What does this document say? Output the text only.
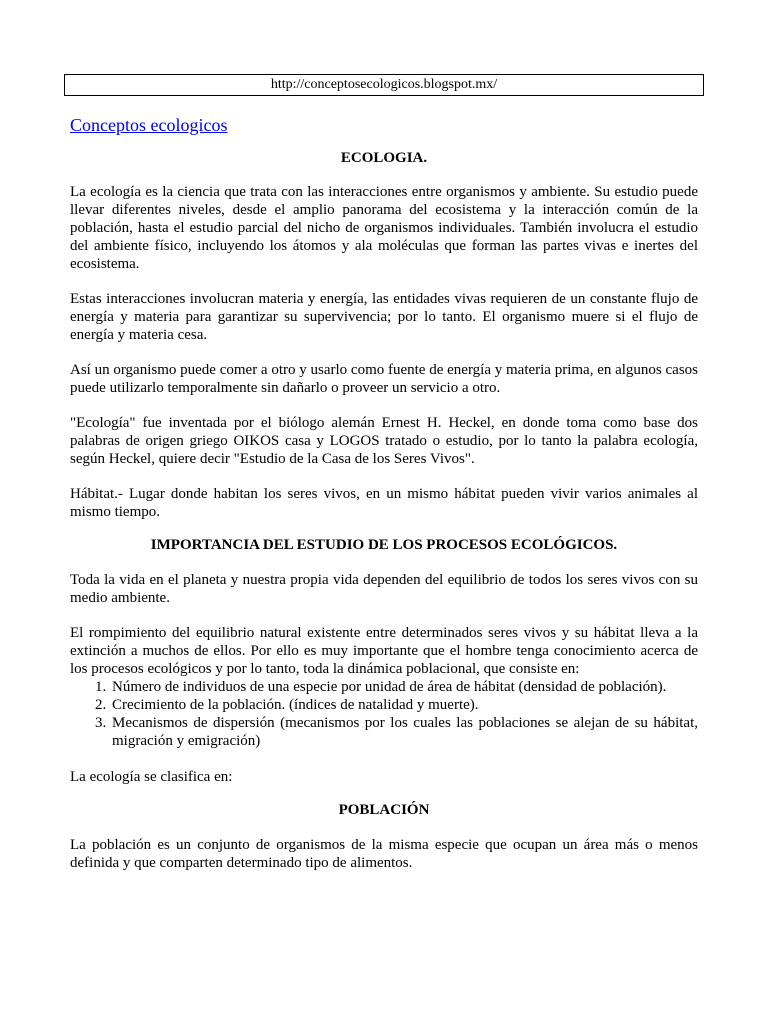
http://conceptosecologicos.blogspot.mx/
Conceptos ecologicos
ECOLOGIA.

La ecología es la ciencia que trata con las interacciones entre organismos y ambiente. Su estudio puede llevar diferentes niveles, desde el amplio panorama del ecosistema y la interacción común de la población, hasta el estudio parcial del nicho de organismos individuales. También involucra el estudio del ambiente físico, incluyendo los átomos y ala moléculas que forman las partes vivas e inertes del ecosistema.

Estas interacciones involucran materia y energía, las entidades vivas requieren de un constante flujo de energía y materia para garantizar su supervivencia; por lo tanto. El organismo muere si el flujo de energía y materia cesa.

Así un organismo puede comer a otro y usarlo como fuente de energía y materia prima, en algunos casos puede utilizarlo temporalmente sin dañarlo o proveer un servicio a otro.

"Ecología" fue inventada por el biólogo alemán Ernest H. Heckel, en donde toma como base dos palabras de origen griego OIKOS casa y LOGOS tratado o estudio, por lo tanto la palabra ecología, según Heckel, quiere decir "Estudio de la Casa de los Seres Vivos".

Hábitat.- Lugar donde habitan los seres vivos, en un mismo hábitat pueden vivir varios animales al mismo tiempo.

IMPORTANCIA DEL ESTUDIO DE LOS PROCESOS ECOLÓGICOS.

Toda la vida en el planeta y nuestra propia vida dependen del equilibrio de todos los seres vivos con su medio ambiente.

El rompimiento del equilibrio natural existente entre determinados seres vivos y su hábitat lleva a la extinción a muchos de ellos. Por ello es muy importante que el hombre tenga conocimiento acerca de los procesos ecológicos y por lo tanto, toda la dinámica poblacional, que consiste en:

1. Número de individuos de una especie por unidad de área de hábitat (densidad de población).
2. Crecimiento de la población. (índices de natalidad y muerte).
3. Mecanismos de dispersión (mecanismos por los cuales las poblaciones se alejan de su hábitat, migración y emigración)

La ecología se clasifica en:

POBLACIÓN

La población es un conjunto de organismos de la misma especie que ocupan un área más o menos definida y que comparten determinado tipo de alimentos.
